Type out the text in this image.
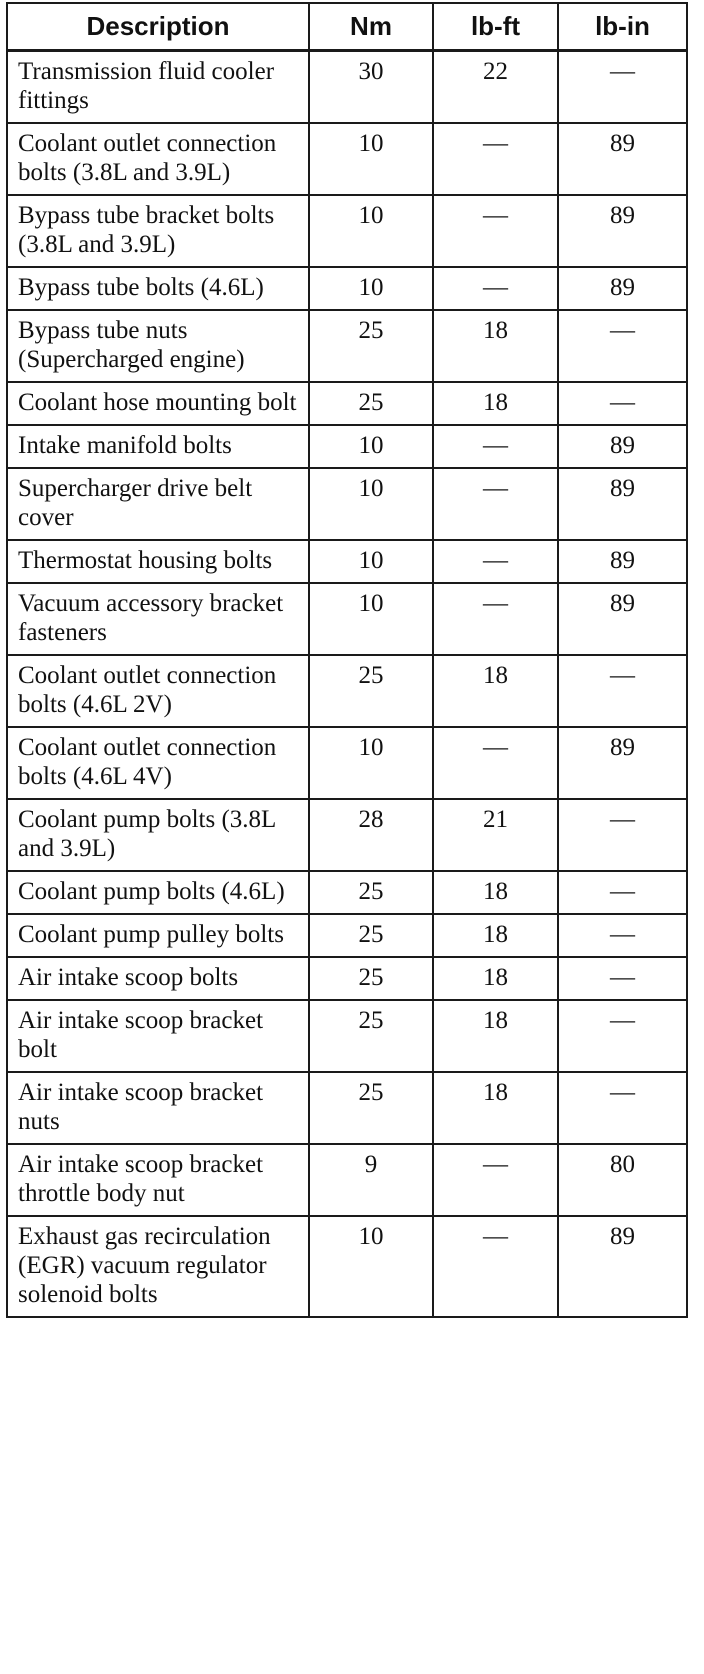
Description	Nm	lb-ft	lb-in
Transmission fluid cooler fittings	30	22	—
Coolant outlet connection bolts (3.8L and 3.9L)	10	—	89
Bypass tube bracket bolts (3.8L and 3.9L)	10	—	89
Bypass tube bolts (4.6L)	10	—	89
Bypass tube nuts (Supercharged engine)	25	18	—
Coolant hose mounting bolt	25	18	—
Intake manifold bolts	10	—	89
Supercharger drive belt cover	10	—	89
Thermostat housing bolts	10	—	89
Vacuum accessory bracket fasteners	10	—	89
Coolant outlet connection bolts (4.6L 2V)	25	18	—
Coolant outlet connection bolts (4.6L 4V)	10	—	89
Coolant pump bolts (3.8L and 3.9L)	28	21	—
Coolant pump bolts (4.6L)	25	18	—
Coolant pump pulley bolts	25	18	—
Air intake scoop bolts	25	18	—
Air intake scoop bracket bolt	25	18	—
Air intake scoop bracket nuts	25	18	—
Air intake scoop bracket throttle body nut	9	—	80
Exhaust gas recirculation (EGR) vacuum regulator solenoid bolts	10	—	89
